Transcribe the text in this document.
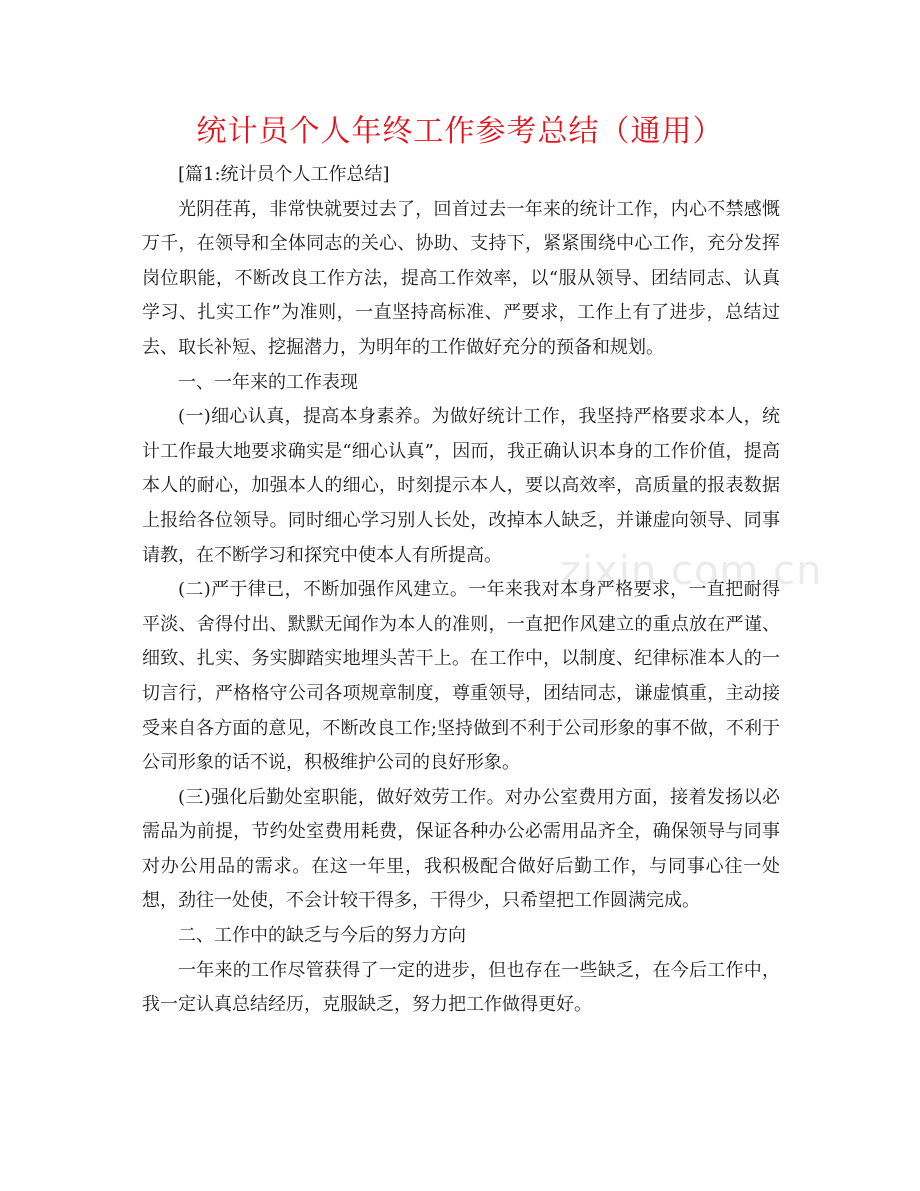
zixin.com.cn
统计员个人年终工作参考总结（通用）

[篇1:统计员个人工作总结]

光阴荏苒，非常快就要过去了，回首过去一年来的统计工作，内心不禁感慨万千，在领导和全体同志的关心、协助、支持下，紧紧围绕中心工作，充分发挥岗位职能，不断改良工作方法，提高工作效率，以“服从领导、团结同志、认真学习、扎实工作”为准则，一直坚持高标准、严要求，工作上有了进步，总结过去、取长补短、挖掘潜力，为明年的工作做好充分的预备和规划。

一、一年来的工作表现

(一)细心认真，提高本身素养。为做好统计工作，我坚持严格要求本人，统计工作最大地要求确实是“细心认真”，因而，我正确认识本身的工作价值，提高本人的耐心，加强本人的细心，时刻提示本人，要以高效率，高质量的报表数据上报给各位领导。同时细心学习别人长处，改掉本人缺乏，并谦虚向领导、同事请教，在不断学习和探究中使本人有所提高。

(二)严于律已，不断加强作风建立。一年来我对本身严格要求，一直把耐得平淡、舍得付出、默默无闻作为本人的准则，一直把作风建立的重点放在严谨、细致、扎实、务实脚踏实地埋头苦干上。在工作中，以制度、纪律标准本人的一切言行，严格格守公司各项规章制度，尊重领导，团结同志，谦虚慎重，主动接受来自各方面的意见，不断改良工作;坚持做到不利于公司形象的事不做，不利于公司形象的话不说，积极维护公司的良好形象。

(三)强化后勤处室职能，做好效劳工作。对办公室费用方面，接着发扬以必需品为前提，节约处室费用耗费，保证各种办公必需用品齐全，确保领导与同事对办公用品的需求。在这一年里，我积极配合做好后勤工作，与同事心往一处想，劲往一处使，不会计较干得多，干得少，只希望把工作圆满完成。

二、工作中的缺乏与今后的努力方向

一年来的工作尽管获得了一定的进步，但也存在一些缺乏，在今后工作中，我一定认真总结经历，克服缺乏，努力把工作做得更好。
